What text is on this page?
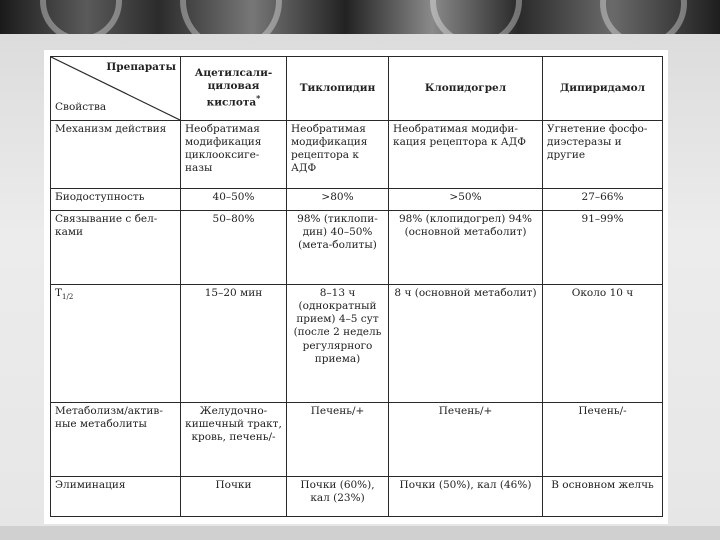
Препараты
Свойства	Ацетилсали-циловая кислота*	Тиклопидин	Клопидогрел	Дипиридамол
Механизм действия	Необратимая модификация циклооксиге-назы	Необратимая модификация рецептора к АДФ	Необратимая модифи-кация рецептора к АДФ	Угнетение фосфо-диэстеразы и другие
Биодоступность	40–50%	>80%	>50%	27–66%
Связывание с бел-ками	50–80%	98% (тиклопи-дин) 40–50% (мета-болиты)	98% (клопидогрел) 94% (основной метаболит)	91–99%
$T_{1/2}$	15–20 мин	8–13 ч (однократный прием) 4–5 сут (после 2 недель регулярного приема)	8 ч (основной метаболит)	Около 10 ч
Метаболизм/актив-ные метаболиты	Желудочно-кишечный тракт, кровь, печень/-	Печень/+	Печень/+	Печень/-
Элиминация	Почки	Почки (60%), кал (23%)	Почки (50%), кал (46%)	В основном желчь
